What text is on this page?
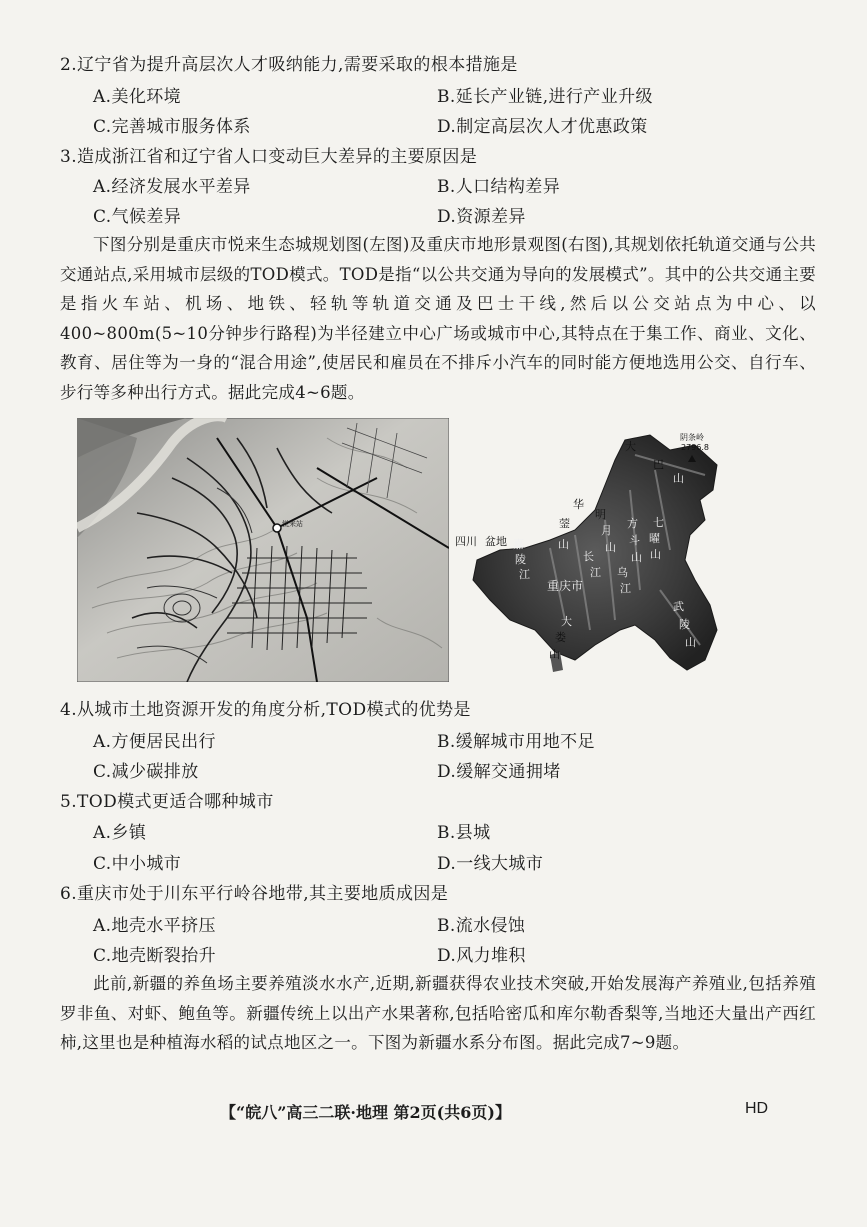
2.辽宁省为提升高层次人才吸纳能力,需要采取的根本措施是
A.美化环境	B.延长产业链,进行产业升级
C.完善城市服务体系	D.制定高层次人才优惠政策
3.造成浙江省和辽宁省人口变动巨大差异的主要原因是
A.经济发展水平差异	B.人口结构差异
C.气候差异	D.资源差异
下图分别是重庆市悦来生态城规划图(左图)及重庆市地形景观图(右图),其规划依托轨道交通与公共交通站点,采用城市层级的TOD模式。TOD是指“以公共交通为导向的发展模式”。其中的公共交通主要是指火车站、机场、地铁、轻轨等轨道交通及巴士干线,然后以公交站点为中心、以400~800m(5~10分钟步行路程)为半径建立中心广场或城市中心,其特点在于集工作、商业、文化、教育、居住等为一身的“混合用途”,使居民和雇员在不排斥小汽车的同时能方便地选用公交、自行车、步行等多种出行方式。据此完成4~6题。
悦来站
阴条岭
2796.8
大
巴
山
四川 盆地
华
蓥
山
明
月
山
方
斗
山
七
曜
山
嘉
陵
江
长
江 乌
江
重庆市
大
娄
山
武
陵
山
4.从城市土地资源开发的角度分析,TOD模式的优势是
A.方便居民出行	B.缓解城市用地不足
C.减少碳排放	D.缓解交通拥堵
5.TOD模式更适合哪种城市
A.乡镇	B.县城
C.中小城市	D.一线大城市
6.重庆市处于川东平行岭谷地带,其主要地质成因是
A.地壳水平挤压	B.流水侵蚀
C.地壳断裂抬升	D.风力堆积
此前,新疆的养鱼场主要养殖淡水水产,近期,新疆获得农业技术突破,开始发展海产养殖业,包括养殖罗非鱼、对虾、鲍鱼等。新疆传统上以出产水果著称,包括哈密瓜和库尔勒香梨等,当地还大量出产西红柿,这里也是种植海水稻的试点地区之一。下图为新疆水系分布图。据此完成7~9题。
【“皖八”高三二联·地理 第2页(共6页)】	HD
